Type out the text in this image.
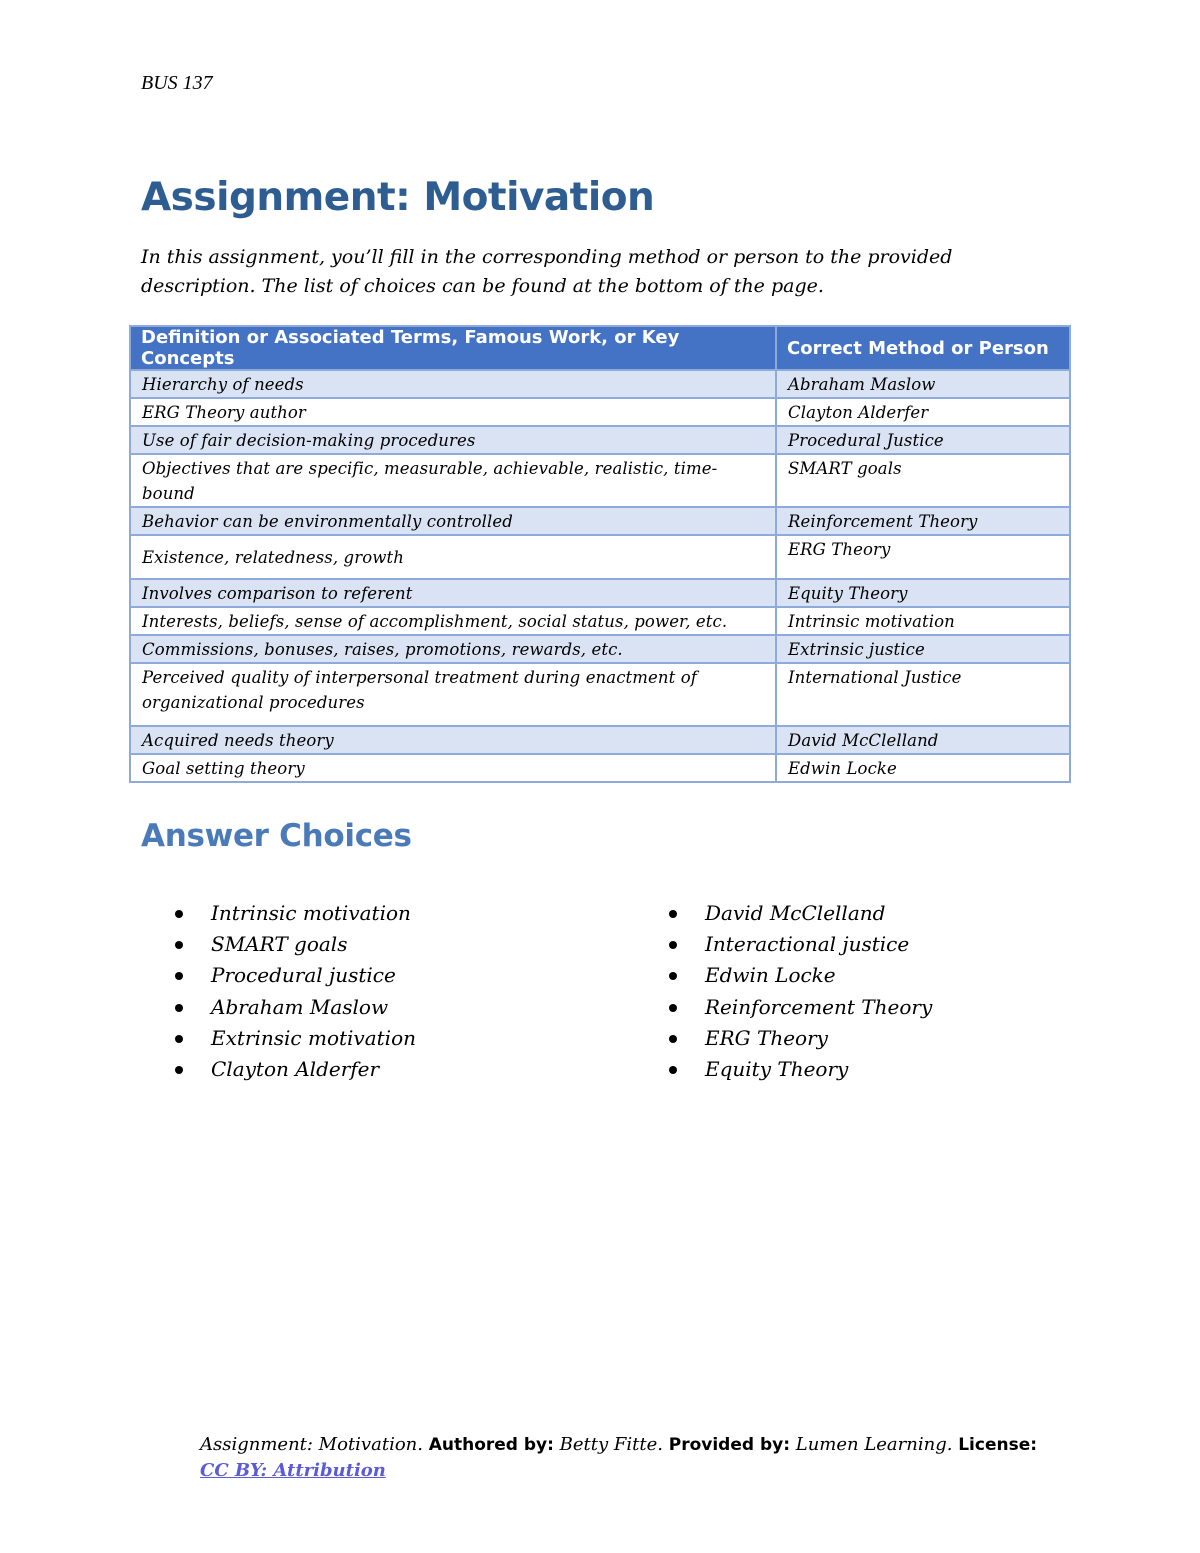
BUS 137
Assignment: Motivation

In this assignment, you’ll fill in the corresponding method or person to the provided description. The list of choices can be found at the bottom of the page.

Definition or Associated Terms, Famous Work, or Key Concepts	Correct Method or Person
Hierarchy of needs	Abraham Maslow
ERG Theory author	Clayton Alderfer
Use of fair decision-making procedures	Procedural Justice
Objectives that are specific, measurable, achievable, realistic, time-bound	SMART goals
Behavior can be environmentally controlled	Reinforcement Theory
Existence, relatedness, growth	ERG Theory
Involves comparison to referent	Equity Theory
Interests, beliefs, sense of accomplishment, social status, power, etc.	Intrinsic motivation
Commissions, bonuses, raises, promotions, rewards, etc.	Extrinsic justice
Perceived quality of interpersonal treatment during enactment of organizational procedures	International Justice
Acquired needs theory	David McClelland
Goal setting theory	Edwin Locke
Answer Choices
Intrinsic motivation
SMART goals
Procedural justice
Abraham Maslow
Extrinsic motivation
Clayton Alderfer
David McClelland
Interactional justice
Edwin Locke
Reinforcement Theory
ERG Theory
Equity Theory
Assignment: Motivation. Authored by: Betty Fitte. Provided by: Lumen Learning. License: CC BY: Attribution
